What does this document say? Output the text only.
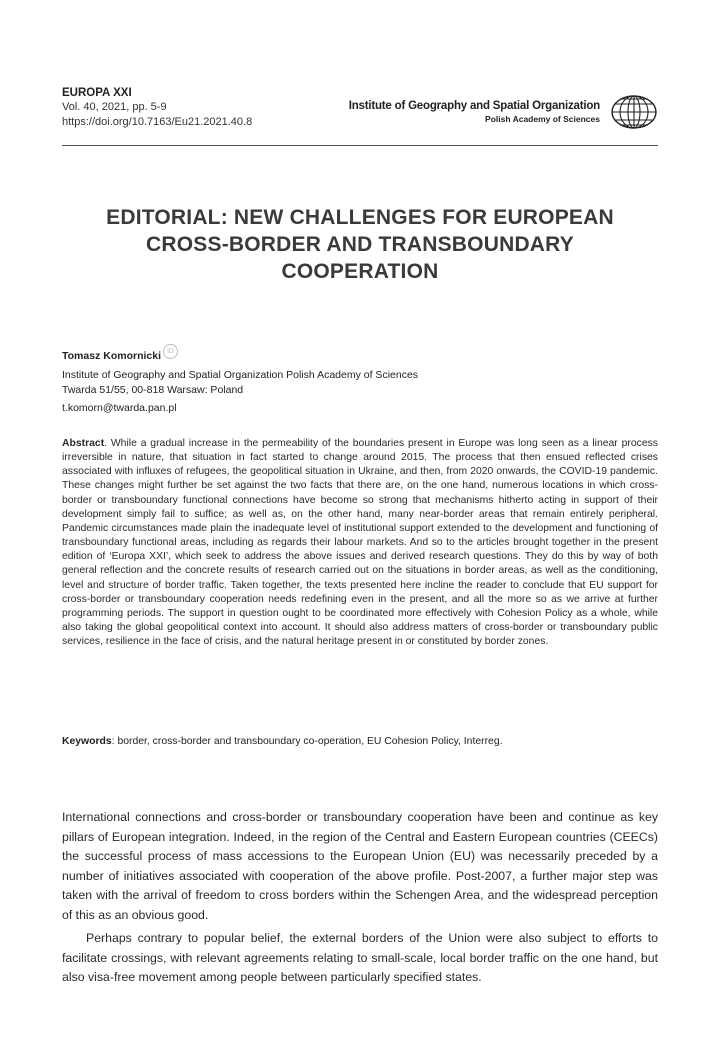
EUROPA XXI
Vol. 40, 2021, pp. 5-9
https://doi.org/10.7163/Eu21.2021.40.8
Institute of Geography and Spatial Organization
Polish Academy of Sciences
EDITORIAL: NEW CHALLENGES FOR EUROPEAN
CROSS-BORDER AND TRANSBOUNDARY
COOPERATION
Tomasz Komornicki iD
Institute of Geography and Spatial Organization Polish Academy of Sciences
Twarda 51/55, 00-818 Warsaw: Poland
t.komorn@twarda.pan.pl
Abstract. While a gradual increase in the permeability of the boundaries present in Europe was long seen as a linear process irreversible in nature, that situation in fact started to change around 2015. The process that then ensued reflected crises associated with influxes of refugees, the geopolitical situation in Ukraine, and then, from 2020 onwards, the COVID-19 pandemic. These changes might further be set against the two facts that there are, on the one hand, numerous locations in which cross-border or transboundary functional connections have become so strong that mechanisms hitherto acting in support of their development simply fail to suffice; as well as, on the other hand, many near-border areas that remain entirely peripheral. Pandemic circumstances made plain the inadequate level of institutional support extended to the development and functioning of transboundary functional areas, including as regards their labour markets. And so to the articles brought together in the present edition of ‘Europa XXI’, which seek to address the above issues and derived research questions. They do this by way of both general reflection and the concrete results of research carried out on the situations in border areas, as well as the conditioning, level and structure of border traffic. Taken together, the texts presented here incline the reader to conclude that EU support for cross-border or transboundary cooperation needs redefining even in the present, and all the more so as we arrive at further programming periods. The support in question ought to be coordinated more effectively with Cohesion Policy as a whole, while also taking the global geopolitical context into account. It should also address matters of cross-border or transboundary public services, resilience in the face of crisis, and the natural heritage present in or constituted by border zones.
Keywords: border, cross-border and transboundary co-operation, EU Cohesion Policy, Interreg.

International connections and cross-border or transboundary cooperation have been and continue as key pillars of European integration. Indeed, in the region of the Central and Eastern European countries (CEECs) the successful process of mass accessions to the European Union (EU) was necessarily preceded by a number of initiatives associated with cooperation of the above profile. Post-2007, a further major step was taken with the arrival of freedom to cross borders within the Schengen Area, and the widespread perception of this as an obvious good.

Perhaps contrary to popular belief, the external borders of the Union were also subject to efforts to facilitate crossings, with relevant agreements relating to small-scale, local border traffic on the one hand, but also visa-free movement among people between particularly specified states.
